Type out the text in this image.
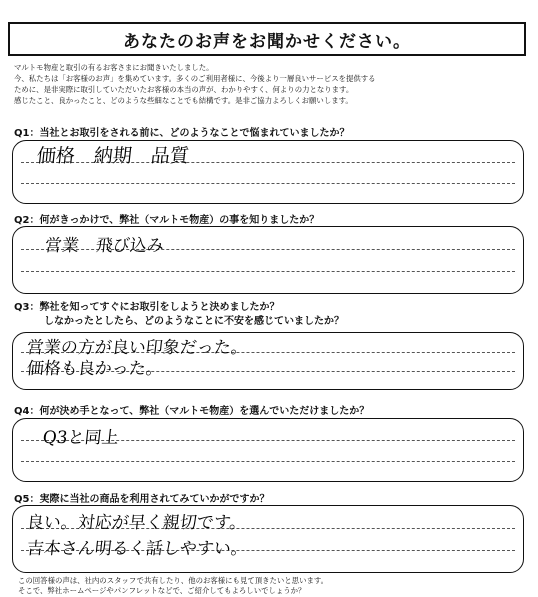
あなたのお声をお聞かせください。
マルトモ物産と取引の有るお客さまにお聞きいたしました。
今、私たちは「お客様のお声」を集めています。多くのご利用者様に、今後より一層良いサービスを提供する
ために、是非実際に取引していただいたお客様の本当の声が、わかりやすく、何よりの力となります。
感じたこと、良かったこと、どのような些細なことでも結構です。是非ご協力よろしくお願いします。
Q1：当社とお取引をされる前に、どのようなことで悩まれていましたか？
価格　納期　品質
Q2：何がきっかけで、弊社（マルトモ物産）の事を知りましたか？
営業　飛び込み
Q3：弊社を知ってすぐにお取引をしようと決めましたか？
しなかったとしたら、どのようなことに不安を感じていましたか？
営業の方が良い印象だった。
価格も良かった。
Q4：何が決め手となって、弊社（マルトモ物産）を選んでいただけましたか？
Q3と同上
Q5：実際に当社の商品を利用されてみていかがですか？
良い。対応が早く親切です。
吉本さん明るく話しやすい。
この回答様の声は、社内のスタッフで共有したり、他のお客様にも見て頂きたいと思います。
そこで、弊社ホームページやパンフレットなどで、ご紹介してもよろしいでしょうか？
